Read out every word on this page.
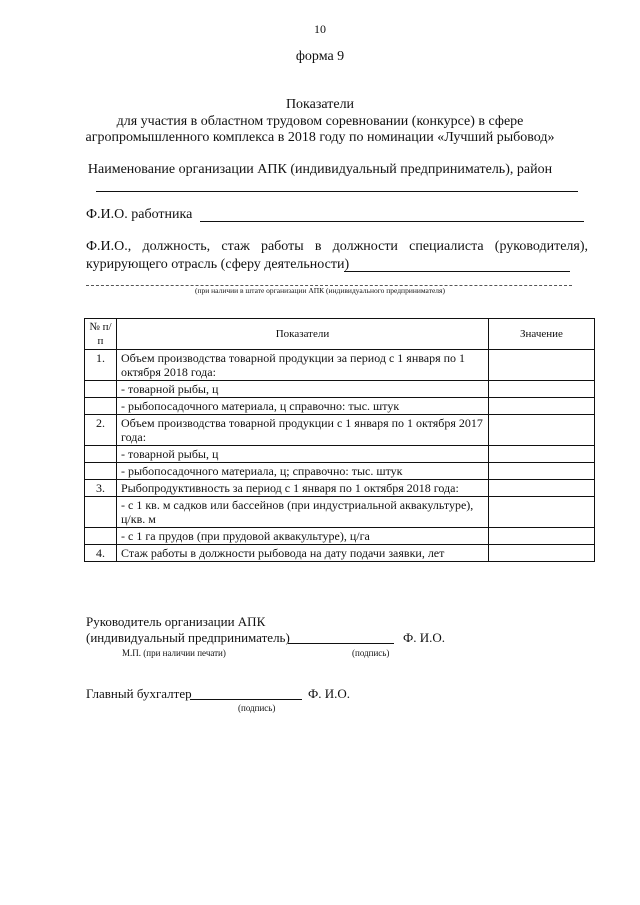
10
форма 9
Показатели
для участия в областном трудовом соревновании (конкурсе) в сфере
агропромышленного комплекса в 2018 году по номинации «Лучший рыбовод»
Наименование организации АПК (индивидуальный предприниматель), район
Ф.И.О. работника
Ф.И.О., должность, стаж работы в должности специалиста (руководителя),
курирующего отрасль (сферу деятельности)
(при наличии в штате организации АПК (индивидуального предпринимателя)
№ п/п	Показатели	Значение
1.	Объем производства товарной продукции за период с 1 января по 1 октября 2018 года:	
	- товарной рыбы, ц	
	- рыбопосадочного материала, ц справочно: тыс. штук	
2.	Объем производства товарной продукции с 1 января по 1 октября 2017 года:	
	- товарной рыбы, ц	
	- рыбопосадочного материала, ц; справочно: тыс. штук	
3.	Рыбопродуктивность за период с 1 января по 1 октября 2018 года:	
	- с 1 кв. м садков или бассейнов (при индустриальной аквакультуре), ц/кв. м	
	- с 1 га прудов (при прудовой аквакультуре), ц/га	
4.	Стаж работы в должности рыбовода на дату подачи заявки, лет	
Руководитель организации АПК
(индивидуальный предприниматель)	Ф. И.О.
М.П. (при наличии печати)	(подпись)
Главный бухгалтер	Ф. И.О.
(подпись)
